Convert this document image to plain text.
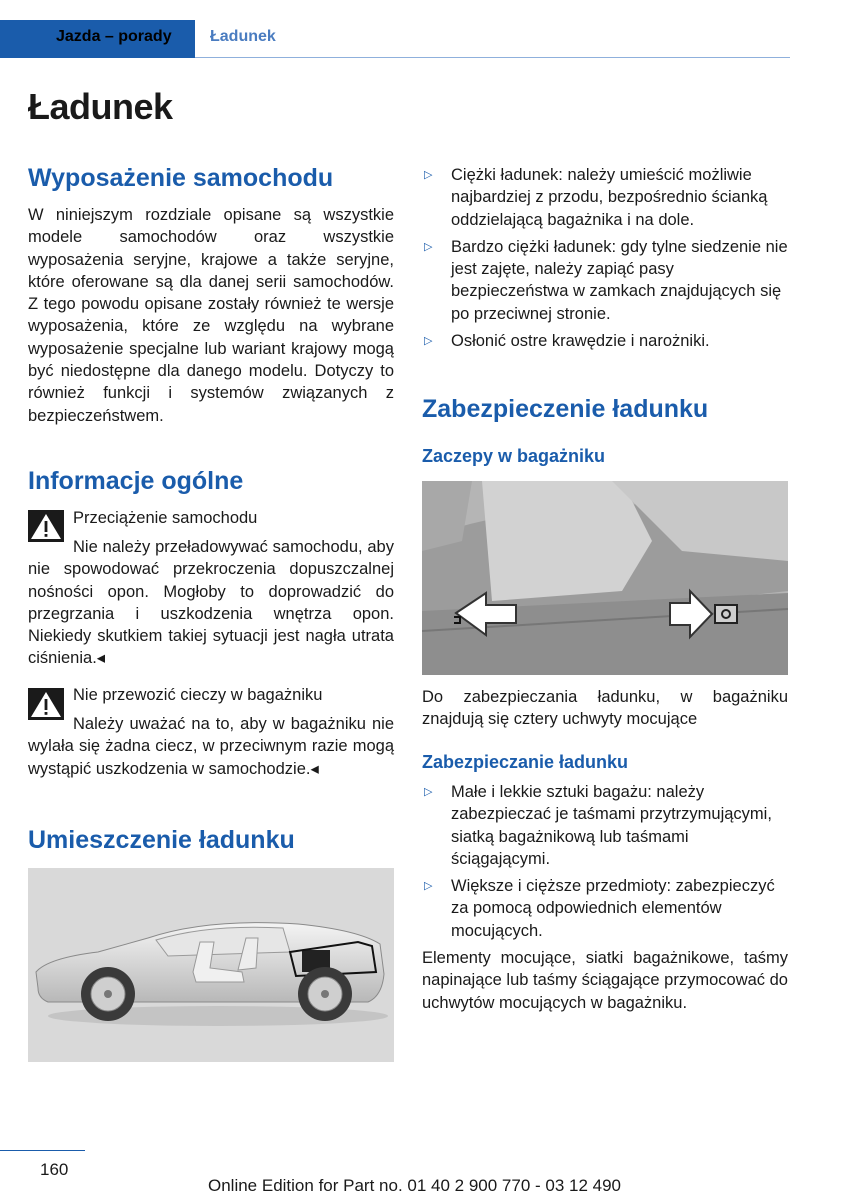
Jazda – porady	Ładunek
Ładunek
Wyposażenie samochodu

W niniejszym rozdziale opisane są wszystkie modele samochodów oraz wszystkie wyposażenia seryjne, krajowe a także seryjne, które oferowane są dla danej serii samochodów. Z tego powodu opisane zostały również te wersje wyposażenia, które ze względu na wybrane wyposażenie specjalne lub wariant krajowy mogą być niedostępne dla danego modelu. Dotyczy to również funkcji i systemów związanych z bezpieczeństwem.

Informacje ogólne
Przeciążenie samochodu

Nie należy przeładowywać samochodu, aby nie spowodować przekroczenia dopuszczalnej nośności opon. Mogłoby to doprowadzić do przegrzania i uszkodzenia wnętrza opon. Niekiedy skutkiem takiej sytuacji jest nagła utrata ciśnienia.◂

Nie przewozić cieczy w bagażniku

Należy uważać na to, aby w bagażniku nie wylała się żadna ciecz, w przeciwnym razie mogą wystąpić uszkodzenia w samochodzie.◂

Umieszczenie ładunku
▷ Ciężki ładunek: należy umieścić możliwie najbardziej z przodu, bezpośrednio ścianką oddzielającą bagażnika i na dole.
▷ Bardzo ciężki ładunek: gdy tylne siedzenie nie jest zajęte, należy zapiąć pasy bezpieczeństwa w zamkach znajdujących się po przeciwnej stronie.
▷ Osłonić ostre krawędzie i narożniki.
Zabezpieczenie ładunku
Zaczepy w bagażniku

Do zabezpieczania ładunku, w bagażniku znajdują się cztery uchwyty mocujące

Zabezpieczanie ładunku
▷ Małe i lekkie sztuki bagażu: należy zabezpieczać je taśmami przytrzymującymi, siatką bagażnikową lub taśmami ściągającymi.
▷ Większe i cięższe przedmioty: zabezpieczyć za pomocą odpowiednich elementów mocujących.

Elementy mocujące, siatki bagażnikowe, taśmy napinające lub taśmy ściągające przymocować do uchwytów mocujących w bagażniku.

160
Online Edition for Part no. 01 40 2 900 770 - 03 12 490
